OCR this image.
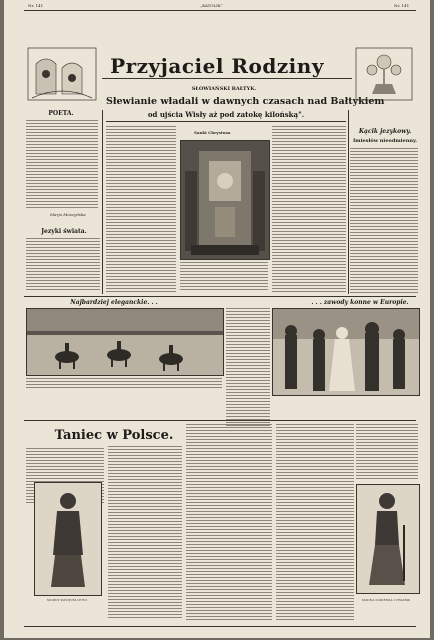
Nr. 141	„KATOLIK”	Nr. 141
Przyjaciel Rodziny
POETA.
Marja Moszyńska
Jezyki świata.
SŁOWIAŃSKI BAŁTYK.
Słewianie władali w dawnych czasach nad Bałtykiem
od ujścia Wisły aż pod zatokę kilońską".
Sanki Chrystusa	Kącik jezykowy.
Imiesłów nieodmienny.
Najbardziej eleganckie. . .	. . . zawody konne w Europie.
Taniec w Polsce.
MODNY KOSTJUM LETNI	MODNA SUKIENKA I CHAPSIK
